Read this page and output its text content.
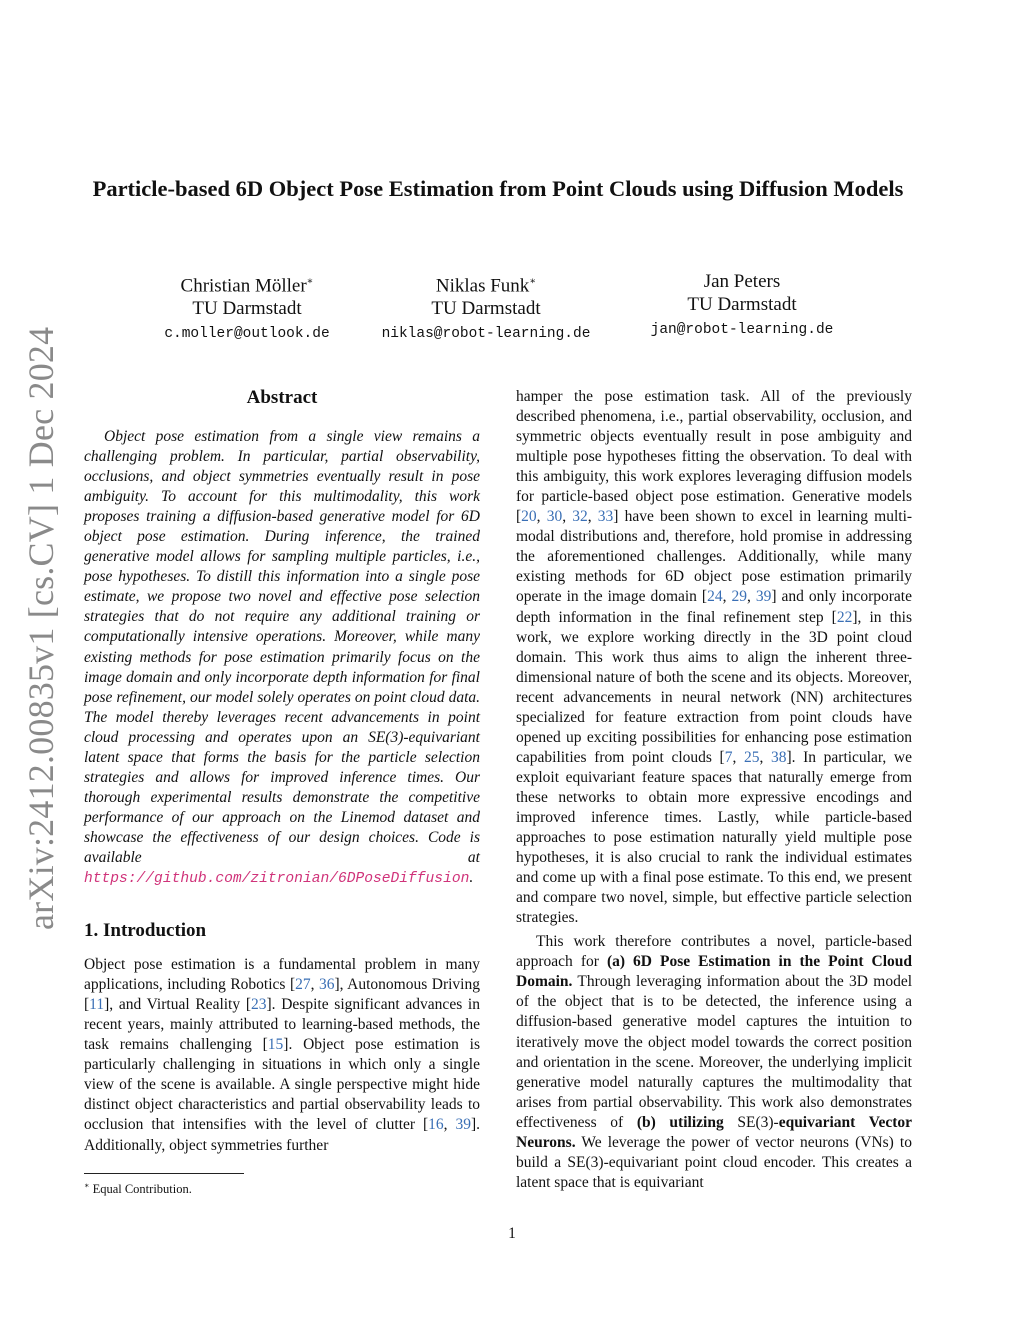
arXiv:2412.00835v1 [cs.CV] 1 Dec 2024
Particle-based 6D Object Pose Estimation from Point Clouds using Diffusion Models
Christian Möller∗
TU Darmstadt
c.moller@outlook.de
Niklas Funk∗
TU Darmstadt
niklas@robot-learning.de
Jan Peters
TU Darmstadt
jan@robot-learning.de
Abstract

Object pose estimation from a single view remains a challenging problem. In particular, partial observability, occlusions, and object symmetries eventually result in pose ambiguity. To account for this multimodality, this work proposes training a diffusion-based generative model for 6D object pose estimation. During inference, the trained generative model allows for sampling multiple particles, i.e., pose hypotheses. To distill this information into a single pose estimate, we propose two novel and effective pose selection strategies that do not require any additional training or computationally intensive operations. Moreover, while many existing methods for pose estimation primarily focus on the image domain and only incorporate depth information for final pose refinement, our model solely operates on point cloud data. The model thereby leverages recent advancements in point cloud processing and operates upon an SE(3)-equivariant latent space that forms the basis for the particle selection strategies and allows for improved inference times. Our thorough experimental results demonstrate the competitive performance of our approach on the Linemod dataset and showcase the effectiveness of our design choices. Code is available at https://github.com/zitronian/6DPoseDiffusion.

1. Introduction

Object pose estimation is a fundamental problem in many applications, including Robotics [27, 36], Autonomous Driving [11], and Virtual Reality [23]. Despite significant advances in recent years, mainly attributed to learning-based methods, the task remains challenging [15]. Object pose estimation is particularly challenging in situations in which only a single view of the scene is available. A single perspective might hide distinct object characteristics and partial observability leads to occlusion that intensifies with the level of clutter [16, 39]. Additionally, object symmetries further

∗ Equal Contribution.

hamper the pose estimation task. All of the previously described phenomena, i.e., partial observability, occlusion, and symmetric objects eventually result in pose ambiguity and multiple pose hypotheses fitting the observation. To deal with this ambiguity, this work explores leveraging diffusion models for particle-based object pose estimation. Generative models [20, 30, 32, 33] have been shown to excel in learning multi-modal distributions and, therefore, hold promise in addressing the aforementioned challenges. Additionally, while many existing methods for 6D object pose estimation primarily operate in the image domain [24, 29, 39] and only incorporate depth information in the final refinement step [22], in this work, we explore working directly in the 3D point cloud domain. This work thus aims to align the inherent three-dimensional nature of both the scene and its objects. Moreover, recent advancements in neural network (NN) architectures specialized for feature extraction from point clouds have opened up exciting possibilities for enhancing pose estimation capabilities from point clouds [7, 25, 38]. In particular, we exploit equivariant feature spaces that naturally emerge from these networks to obtain more expressive encodings and improved inference times. Lastly, while particle-based approaches to pose estimation naturally yield multiple pose hypotheses, it is also crucial to rank the individual estimates and come up with a final pose estimate. To this end, we present and compare two novel, simple, but effective particle selection strategies.

This work therefore contributes a novel, particle-based approach for (a) 6D Pose Estimation in the Point Cloud Domain. Through leveraging information about the 3D model of the object that is to be detected, the inference using a diffusion-based generative model captures the intuition to iteratively move the object model towards the correct position and orientation in the scene. Moreover, the underlying implicit generative model naturally captures the multimodality that arises from partial observability. This work also demonstrates effectiveness of (b) utilizing SE(3)-equivariant Vector Neurons. We leverage the power of vector neurons (VNs) to build a SE(3)-equivariant point cloud encoder. This creates a latent space that is equivariant

1
